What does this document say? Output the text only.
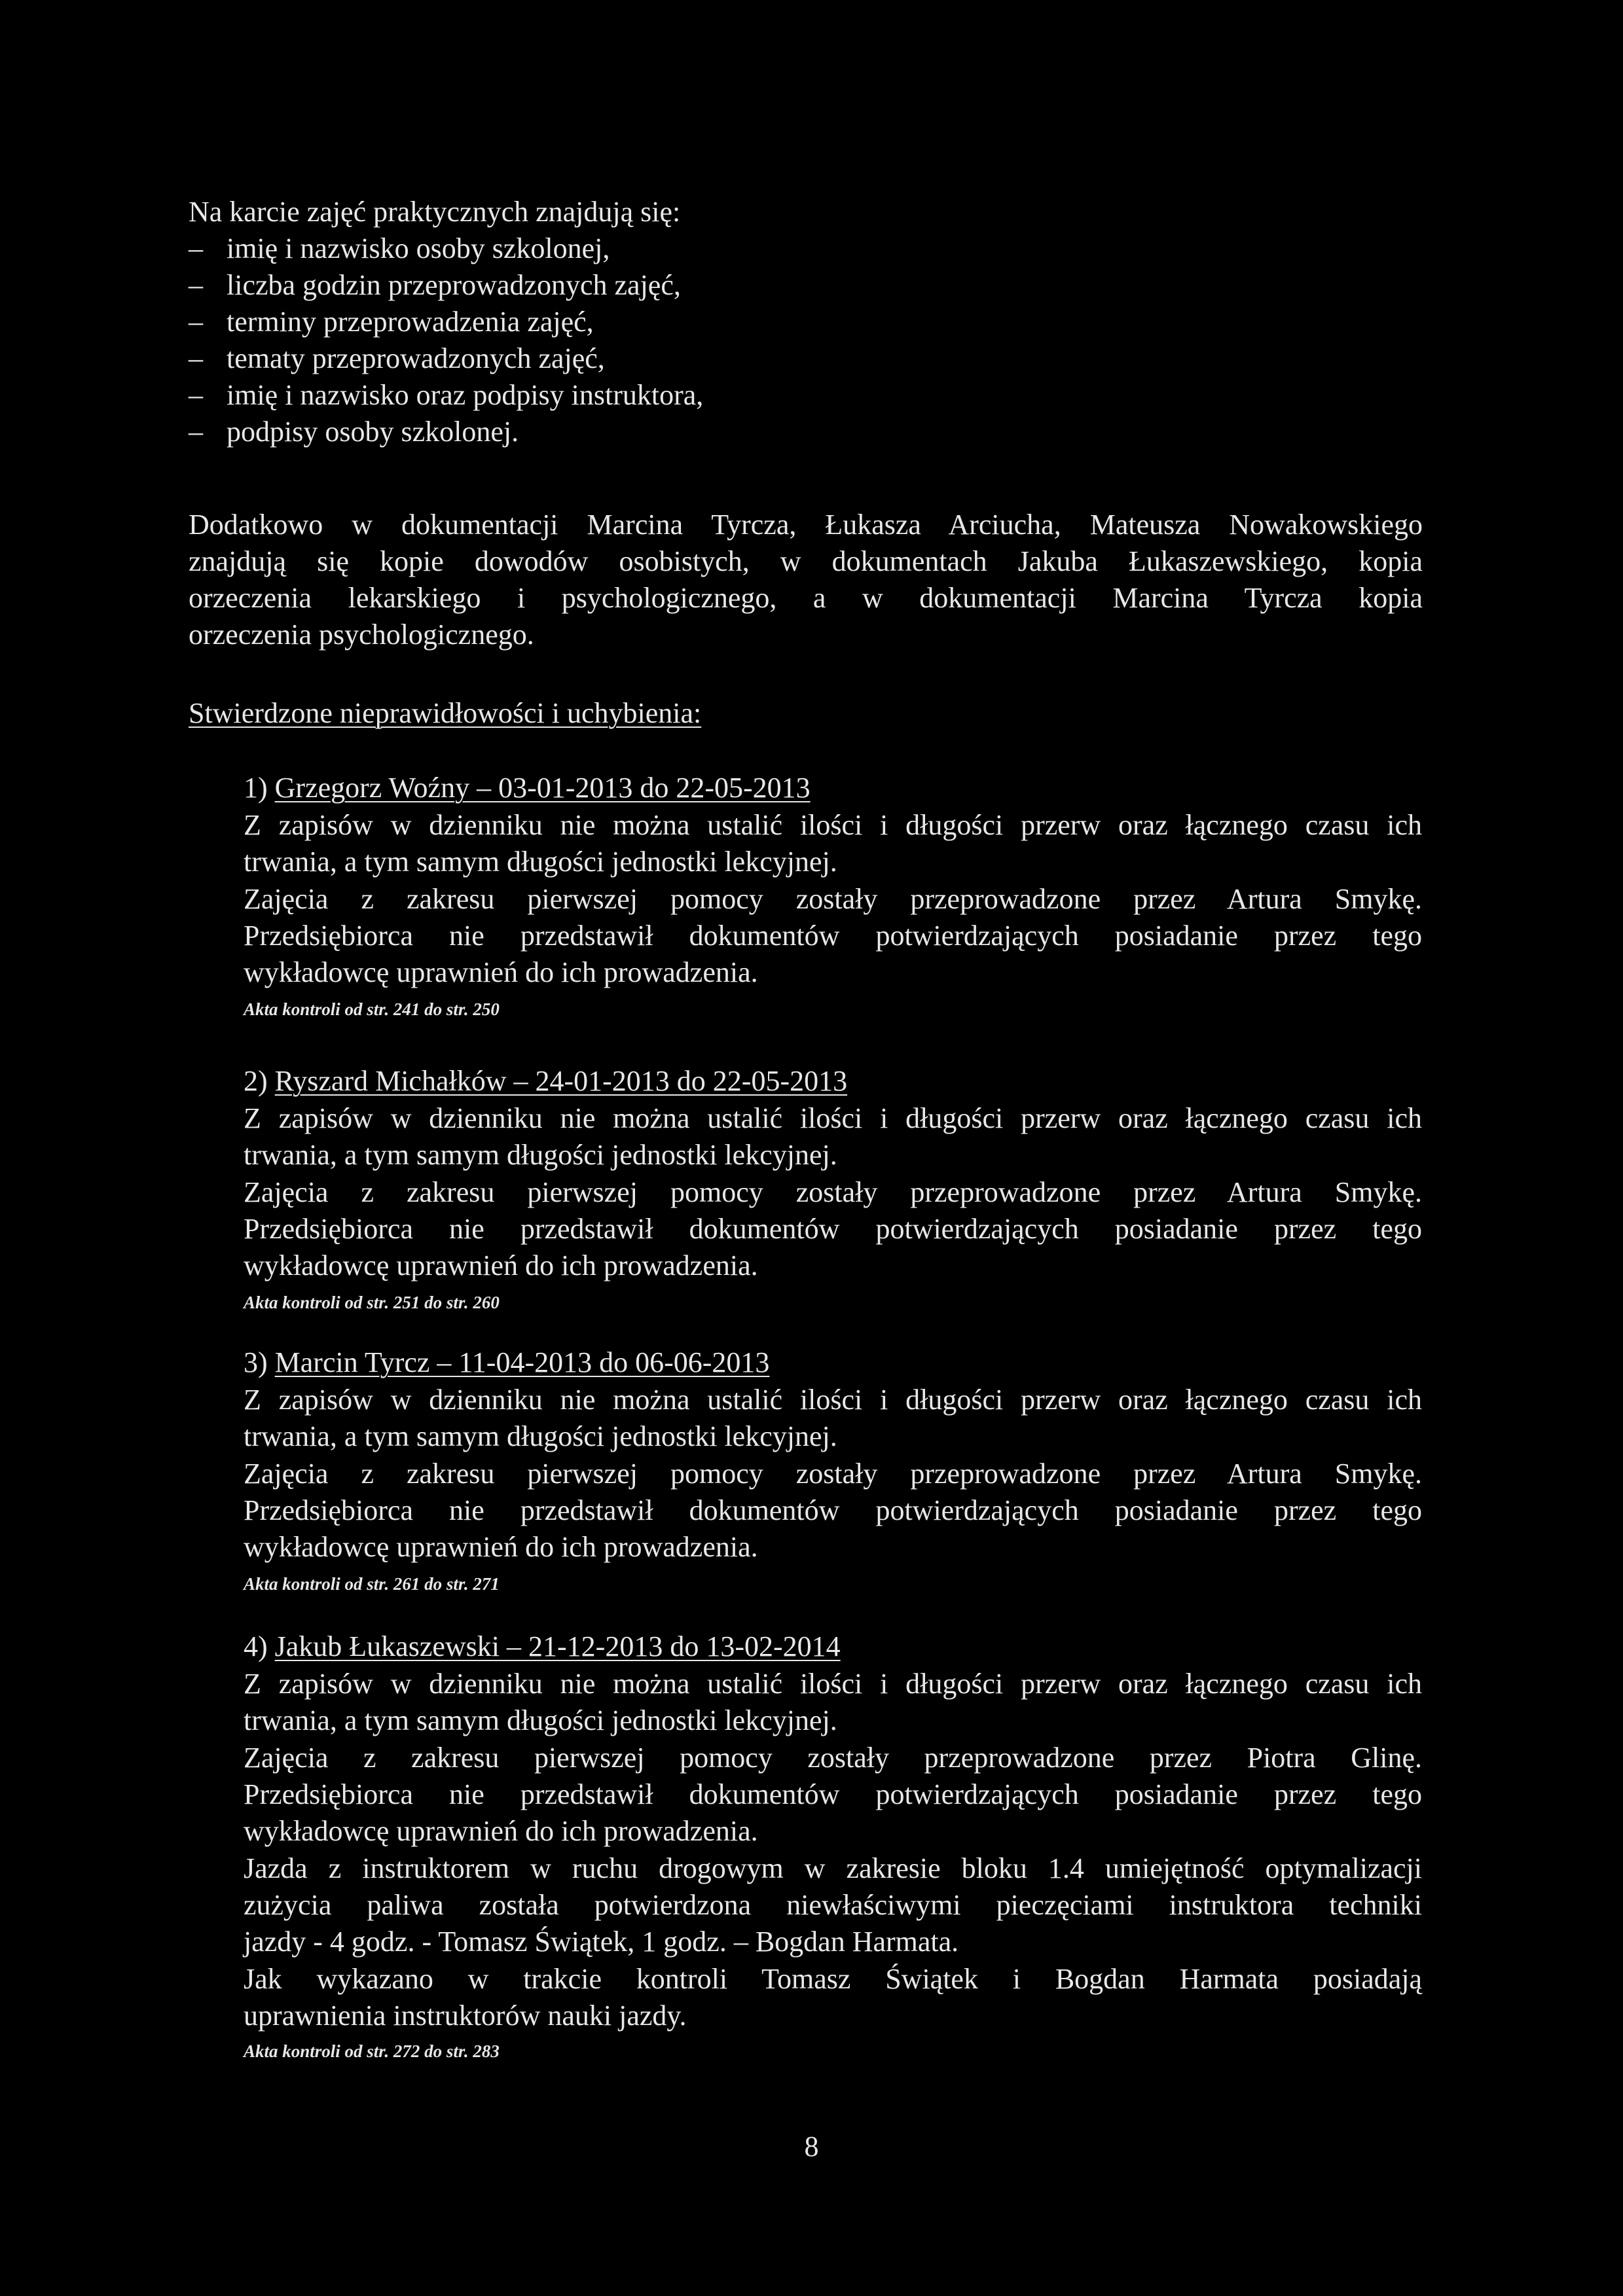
Na karcie zajęć praktycznych znajdują się:
– imię i nazwisko osoby szkolonej,
– liczba godzin przeprowadzonych zajęć,
– terminy przeprowadzenia zajęć,
– tematy przeprowadzonych zajęć,
– imię i nazwisko oraz podpisy instruktora,
– podpisy osoby szkolonej.
Dodatkowo w dokumentacji Marcina Tyrcza, Łukasza Arciucha, Mateusza Nowakowskiego
znajdują się kopie dowodów osobistych, w dokumentach Jakuba Łukaszewskiego, kopia
orzeczenia lekarskiego i psychologicznego, a w dokumentacji Marcina Tyrcza kopia
orzeczenia psychologicznego.
Stwierdzone nieprawidłowości i uchybienia:
1) Grzegorz Woźny – 03-01-2013 do 22-05-2013
Z zapisów w dzienniku nie można ustalić ilości i długości przerw oraz łącznego czasu ich
trwania, a tym samym długości jednostki lekcyjnej.
Zajęcia z zakresu pierwszej pomocy zostały przeprowadzone przez Artura Smykę.
Przedsiębiorca nie przedstawił dokumentów potwierdzających posiadanie przez tego
wykładowcę uprawnień do ich prowadzenia.
Akta kontroli od str. 241 do str. 250
2) Ryszard Michałków – 24-01-2013 do 22-05-2013
Z zapisów w dzienniku nie można ustalić ilości i długości przerw oraz łącznego czasu ich
trwania, a tym samym długości jednostki lekcyjnej.
Zajęcia z zakresu pierwszej pomocy zostały przeprowadzone przez Artura Smykę.
Przedsiębiorca nie przedstawił dokumentów potwierdzających posiadanie przez tego
wykładowcę uprawnień do ich prowadzenia.
Akta kontroli od str. 251 do str. 260
3) Marcin Tyrcz – 11-04-2013 do 06-06-2013
Z zapisów w dzienniku nie można ustalić ilości i długości przerw oraz łącznego czasu ich
trwania, a tym samym długości jednostki lekcyjnej.
Zajęcia z zakresu pierwszej pomocy zostały przeprowadzone przez Artura Smykę.
Przedsiębiorca nie przedstawił dokumentów potwierdzających posiadanie przez tego
wykładowcę uprawnień do ich prowadzenia.
Akta kontroli od str. 261 do str. 271
4) Jakub Łukaszewski – 21-12-2013 do 13-02-2014
Z zapisów w dzienniku nie można ustalić ilości i długości przerw oraz łącznego czasu ich
trwania, a tym samym długości jednostki lekcyjnej.
Zajęcia z zakresu pierwszej pomocy zostały przeprowadzone przez Piotra Glinę.
Przedsiębiorca nie przedstawił dokumentów potwierdzających posiadanie przez tego
wykładowcę uprawnień do ich prowadzenia.
Jazda z instruktorem w ruchu drogowym w zakresie bloku 1.4 umiejętność optymalizacji
zużycia paliwa została potwierdzona niewłaściwymi pieczęciami instruktora techniki
jazdy - 4 godz. - Tomasz Świątek, 1 godz. – Bogdan Harmata.
Jak wykazano w trakcie kontroli Tomasz Świątek i Bogdan Harmata posiadają
uprawnienia instruktorów nauki jazdy.
Akta kontroli od str. 272 do str. 283
8
